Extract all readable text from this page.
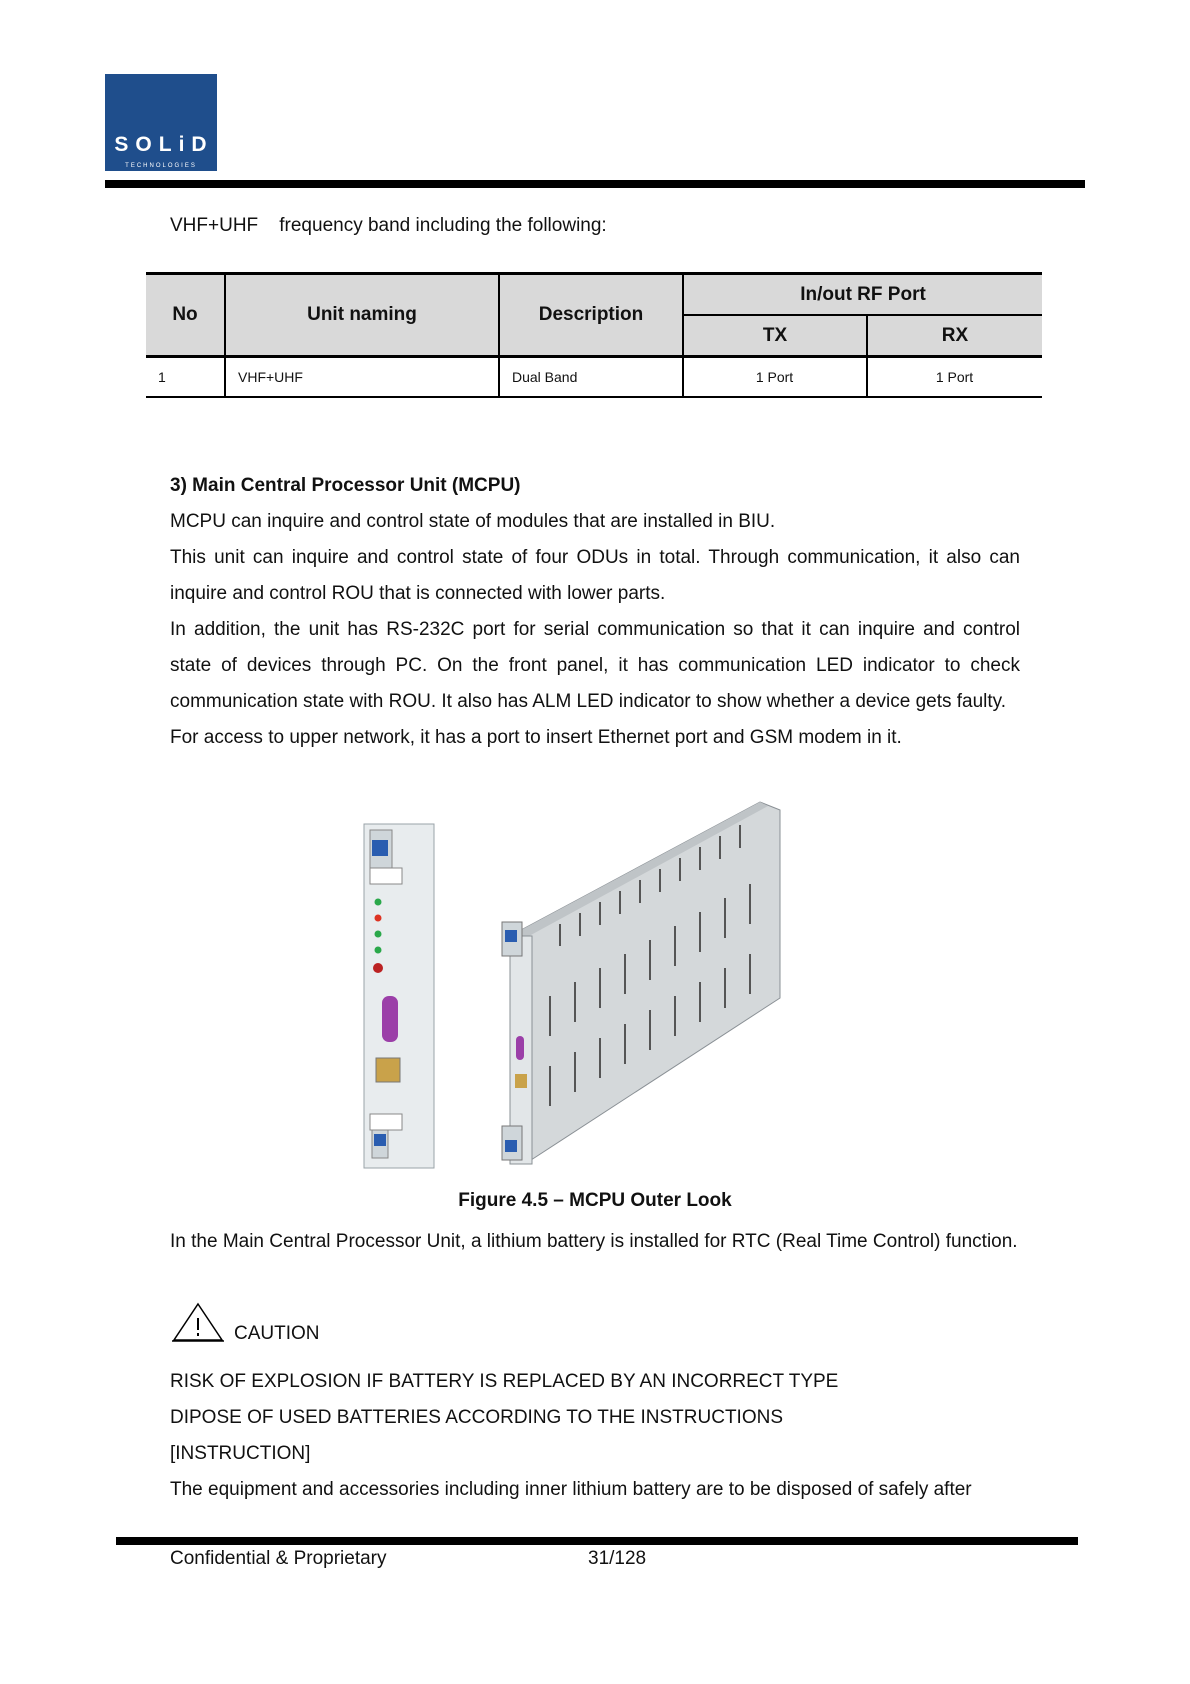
SOLiD
TECHNOLOGIES
VHF+UHF    frequency band including the following:
No	Unit naming	Description	In/out RF Port	
			TX	RX
1	VHF+UHF	Dual Band	1 Port	1 Port

3) Main Central Processor Unit (MCPU)

MCPU can inquire and control state of modules that are installed in BIU.

This unit can inquire and control state of four ODUs in total. Through communication, it also can inquire and control ROU that is connected with lower parts.

In addition, the unit has RS-232C port for serial communication so that it can inquire and control state of devices through PC. On the front panel, it has communication LED indicator to check communication state with ROU. It also has ALM LED indicator to show whether a device gets faulty.

For access to upper network, it has a port to insert Ethernet port and GSM modem in it.

Figure 4.5 – MCPU Outer Look
In the Main Central Processor Unit, a lithium battery is installed for RTC (Real Time Control) function.
CAUTION

RISK OF EXPLOSION IF BATTERY IS REPLACED BY AN INCORRECT TYPE

DIPOSE OF USED BATTERIES ACCORDING TO THE INSTRUCTIONS

[INSTRUCTION]

The equipment and accessories including inner lithium battery are to be disposed of safely after

Confidential & Proprietary	31/128
